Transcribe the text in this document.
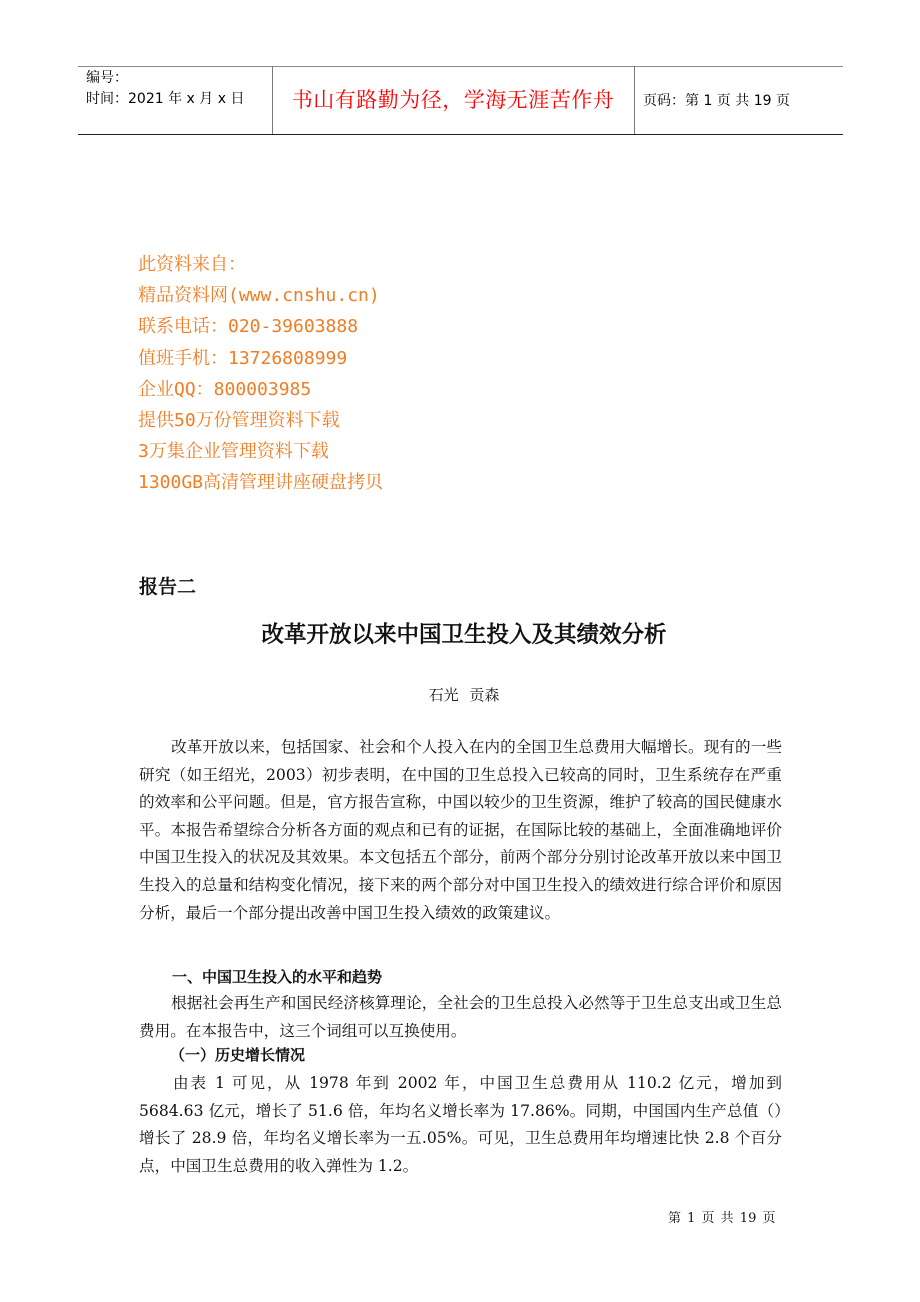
编号：
时间：2021 年 x 月 x 日	书山有路勤为径，学海无涯苦作舟	页码：第 1 页 共 19 页
此资料来自：
精品资料网(www.cnshu.cn)
联系电话：020-39603888
值班手机：13726808999
企业QQ：800003985
提供50万份管理资料下载
3万集企业管理资料下载
1300GB高清管理讲座硬盘拷贝
报告二
改革开放以来中国卫生投入及其绩效分析
石光 贡森
改革开放以来，包括国家、社会和个人投入在内的全国卫生总费用大幅增长。现有的一些研究（如王绍光，2003）初步表明，在中国的卫生总投入已较高的同时，卫生系统存在严重的效率和公平问题。但是，官方报告宣称，中国以较少的卫生资源，维护了较高的国民健康水平。本报告希望综合分析各方面的观点和已有的证据，在国际比较的基础上，全面准确地评价中国卫生投入的状况及其效果。本文包括五个部分，前两个部分分别讨论改革开放以来中国卫生投入的总量和结构变化情况，接下来的两个部分对中国卫生投入的绩效进行综合评价和原因分析，最后一个部分提出改善中国卫生投入绩效的政策建议。
一、中国卫生投入的水平和趋势
根据社会再生产和国民经济核算理论，全社会的卫生总投入必然等于卫生总支出或卫生总费用。在本报告中，这三个词组可以互换使用。
（一）历史增长情况
由表 1 可见，从 1978 年到 2002 年，中国卫生总费用从 110.2 亿元，增加到 5684.63 亿元，增长了 51.6 倍，年均名义增长率为 17.86%。同期，中国国内生产总值（）增长了 28.9 倍，年均名义增长率为一五.05%。可见，卫生总费用年均增速比快 2.8 个百分点，中国卫生总费用的收入弹性为 1.2。
第 1 页 共 19 页
